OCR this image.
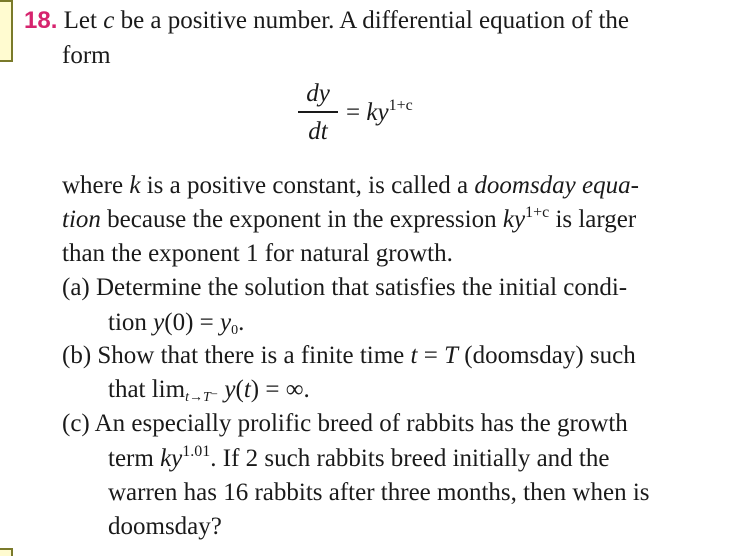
18. Let c be a positive number. A differential equation of the
form
dy
dt
= $ky^{1+c}$
where k is a positive constant, is called a doomsday equa-
tion because the exponent in the expression $ky^{1+c}$ is larger
than the exponent 1 for natural growth.
(a) Determine the solution that satisfies the initial condi-
tion $y(0) = y_0$.
(b) Show that there is a finite time t = T (doomsday) such
that $\lim_{t\to T^-} y(t)$ = ∞.
(c) An especially prolific breed of rabbits has the growth
term $ky^{1.01}$. If 2 such rabbits breed initially and the
warren has 16 rabbits after three months, then when is
doomsday?
